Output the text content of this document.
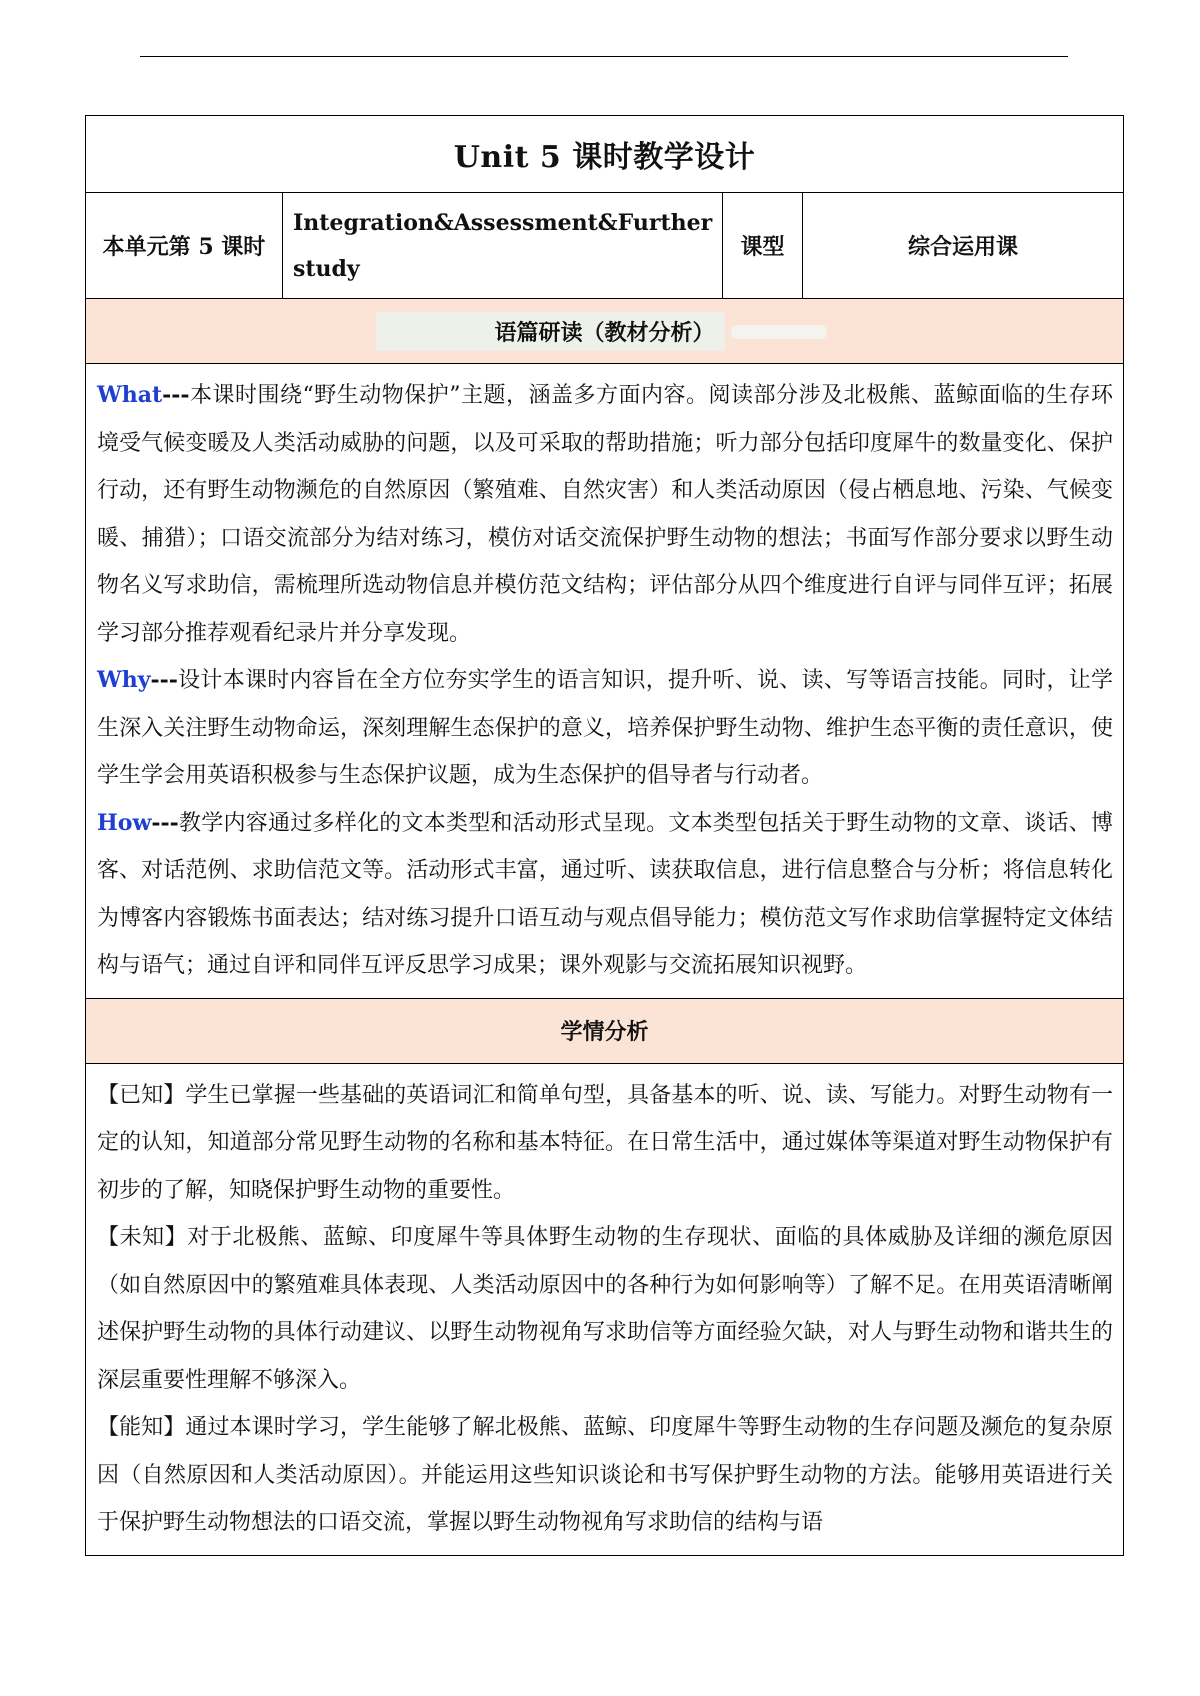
Unit 5 课时教学设计
本单元第 5 课时	Integration&Assessment&Further study	课型	综合运用课

语篇研读（教材分析）

What---本课时围绕“野生动物保护”主题，涵盖多方面内容。阅读部分涉及北极熊、蓝鲸面临的生存环境受气候变暖及人类活动威胁的问题，以及可采取的帮助措施；听力部分包括印度犀牛的数量变化、保护行动，还有野生动物濒危的自然原因（繁殖难、自然灾害）和人类活动原因（侵占栖息地、污染、气候变暖、捕猎）；口语交流部分为结对练习，模仿对话交流保护野生动物的想法；书面写作部分要求以野生动物名义写求助信，需梳理所选动物信息并模仿范文结构；评估部分从四个维度进行自评与同伴互评；拓展学习部分推荐观看纪录片并分享发现。

Why---设计本课时内容旨在全方位夯实学生的语言知识，提升听、说、读、写等语言技能。同时，让学生深入关注野生动物命运，深刻理解生态保护的意义，培养保护野生动物、维护生态平衡的责任意识，使学生学会用英语积极参与生态保护议题，成为生态保护的倡导者与行动者。

How---教学内容通过多样化的文本类型和活动形式呈现。文本类型包括关于野生动物的文章、谈话、博客、对话范例、求助信范文等。活动形式丰富，通过听、读获取信息，进行信息整合与分析；将信息转化为博客内容锻炼书面表达；结对练习提升口语互动与观点倡导能力；模仿范文写作求助信掌握特定文体结构与语气；通过自评和同伴互评反思学习成果；课外观影与交流拓展知识视野。

学情分析

【已知】学生已掌握一些基础的英语词汇和简单句型，具备基本的听、说、读、写能力。对野生动物有一定的认知，知道部分常见野生动物的名称和基本特征。在日常生活中，通过媒体等渠道对野生动物保护有初步的了解，知晓保护野生动物的重要性。

【未知】对于北极熊、蓝鲸、印度犀牛等具体野生动物的生存现状、面临的具体威胁及详细的濒危原因（如自然原因中的繁殖难具体表现、人类活动原因中的各种行为如何影响等）了解不足。在用英语清晰阐述保护野生动物的具体行动建议、以野生动物视角写求助信等方面经验欠缺，对人与野生动物和谐共生的深层重要性理解不够深入。

【能知】通过本课时学习，学生能够了解北极熊、蓝鲸、印度犀牛等野生动物的生存问题及濒危的复杂原因（自然原因和人类活动原因）。并能运用这些知识谈论和书写保护野生动物的方法。能够用英语进行关于保护野生动物想法的口语交流，掌握以野生动物视角写求助信的结构与语
